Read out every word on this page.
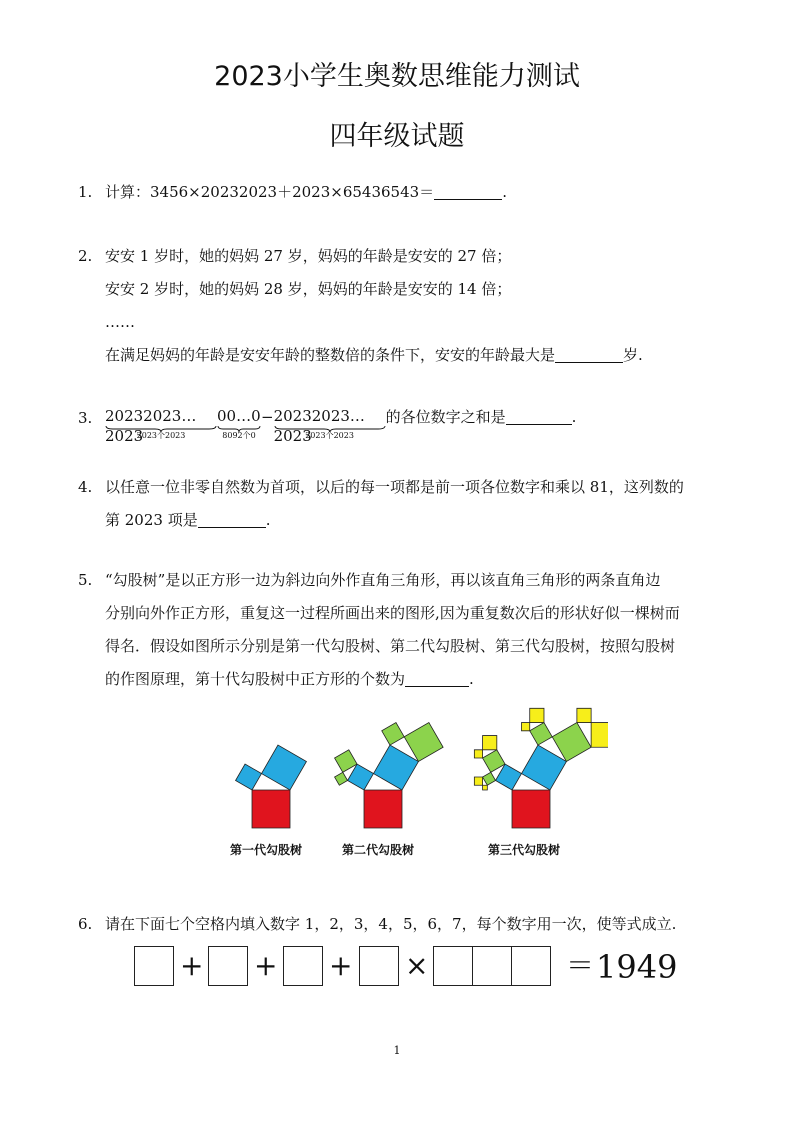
2023小学生奥数思维能力测试
四年级试题
1. 计算：3456×20232023＋2023×65436543＝	.
2. 安安 1 岁时，她的妈妈 27 岁，妈妈的年龄是安安的 27 倍；
安安 2 岁时，她的妈妈 28 岁，妈妈的年龄是安安的 14 倍；
……
在满足妈妈的年龄是安安年龄的整数倍的条件下，安安的年龄最大是	岁.
3. 20232023…2023
2023个2023
00…0
8092个0
− 20232023…2023
2023个2023
的各位数字之和是	.
4. 以任意一位非零自然数为首项，以后的每一项都是前一项各位数字和乘以 81，这列数的
第 2023 项是	.
5. “勾股树”是以正方形一边为斜边向外作直角三角形，再以该直角三角形的两条直角边
分别向外作正方形，重复这一过程所画出来的图形,因为重复数次后的形状好似一棵树而
得名．假设如图所示分别是第一代勾股树、第二代勾股树、第三代勾股树，按照勾股树
的作图原理，第十代勾股树中正方形的个数为	.
第一代勾股树	第二代勾股树	第三代勾股树
6. 请在下面七个空格内填入数字 1，2，3，4，5，6，7，每个数字用一次，使等式成立.
+ + + ×	＝ 1949
1
